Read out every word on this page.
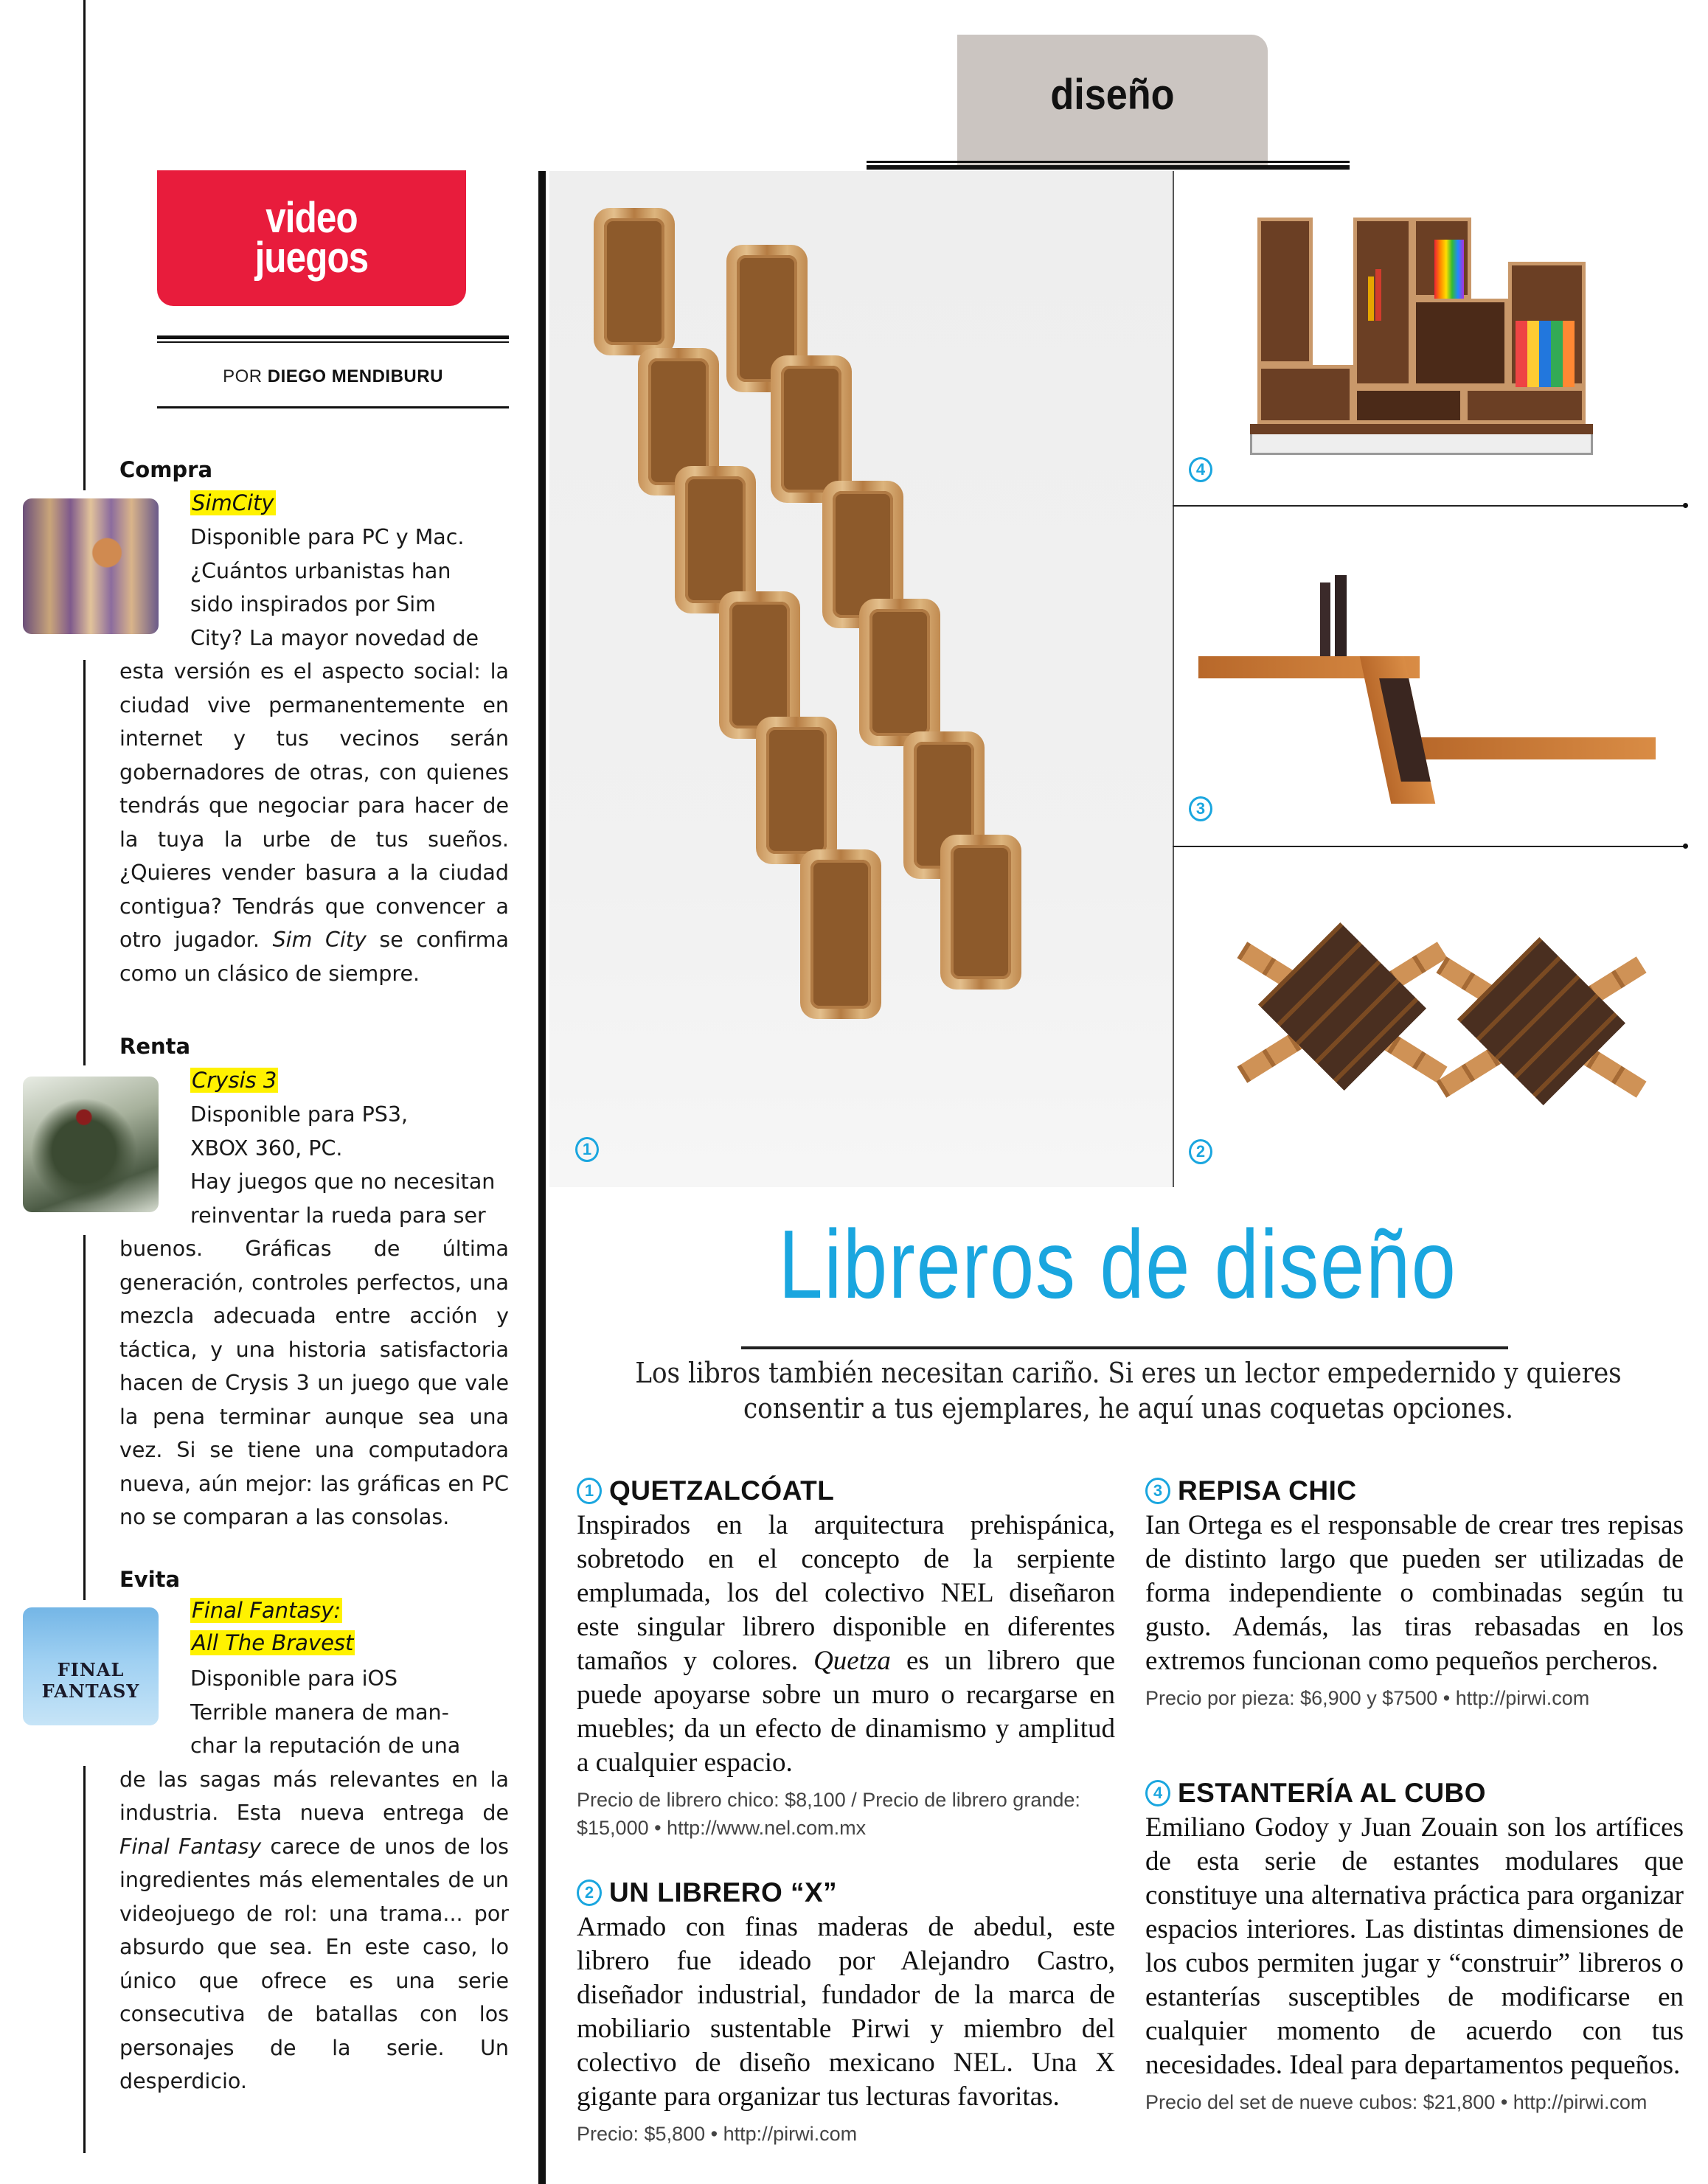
video
juegos
POR DIEGO MENDIBURU
Compra
SimCity
Disponible para PC y Mac.
¿Cuántos urbanistas han
sido inspirados por Sim
City? La mayor novedad de
esta versión es el aspecto social: la ciudad vive permanentemente en internet y tus vecinos serán gobernadores de otras, con quienes tendrás que negociar para hacer de la tuya la urbe de tus sueños. ¿Quieres vender basura a la ciudad contigua? Tendrás que convencer a otro jugador. Sim City se confirma como un clásico de siempre.
Renta
Crysis 3
Disponible para PS3,
XBOX 360, PC.
Hay juegos que no necesitan
reinventar la rueda para ser
buenos. Gráficas de última generación, controles perfectos, una mezcla adecuada entre acción y táctica, y una historia satisfactoria hacen de Crysis 3 un juego que vale la pena terminar aunque sea una vez. Si se tiene una computadora nueva, aún mejor: las gráficas en PC no se comparan a las consolas.
Evita
FINAL FANTASY
Final Fantasy:
All The Bravest
Disponible para iOS
Terrible manera de man-
char la reputación de una
de las sagas más relevantes en la industria. Esta nueva entrega de Final Fantasy carece de unos de los ingredientes más elementales de un videojuego de rol: una trama... por absurdo que sea. En este caso, lo único que ofrece es una serie consecutiva de batallas con los personajes de la serie. Un desperdicio.
diseño
1
4
3
2
Libreros de diseño
Los libros también necesitan cariño. Si eres un lector empedernido y quieres consentir a tus ejemplares, he aquí unas coquetas opciones.
1 QUETZALCÓATL
Inspirados en la arquitectura prehispánica, sobretodo en el concepto de la serpiente emplumada, los del colectivo NEL diseñaron este singular librero disponible en diferentes tamaños y colores. Quetza es un librero que puede apoyarse sobre un muro o recargarse en muebles; da un efecto de dinamismo y amplitud a cualquier espacio.
Precio de librero chico: $8,100 / Precio de librero grande: $15,000 • http://www.nel.com.mx
2 UN LIBRERO “X”
Armado con finas maderas de abedul, este librero fue ideado por Alejandro Castro, diseñador industrial, fundador de la marca de mobiliario sustentable Pirwi y miembro del colectivo de diseño mexicano NEL. Una X gigante para organizar tus lecturas favoritas.
Precio: $5,800 • http://pirwi.com
3 REPISA CHIC
Ian Ortega es el responsable de crear tres repisas de distinto largo que pueden ser utilizadas de forma independiente o combinadas según tu gusto. Además, las tiras rebasadas en los extremos funcionan como pequeños percheros.
Precio por pieza: $6,900 y $7500 • http://pirwi.com
4 ESTANTERÍA AL CUBO
Emiliano Godoy y Juan Zouain son los artífices de esta serie de estantes modulares que constituye una alternativa práctica para organizar espacios interiores. Las distintas dimensiones de los cubos permiten jugar y “construir” libreros o estanterías susceptibles de modificarse en cualquier momento de acuerdo con tus necesidades. Ideal para departamentos pequeños.
Precio del set de nueve cubos: $21,800 • http://pirwi.com
